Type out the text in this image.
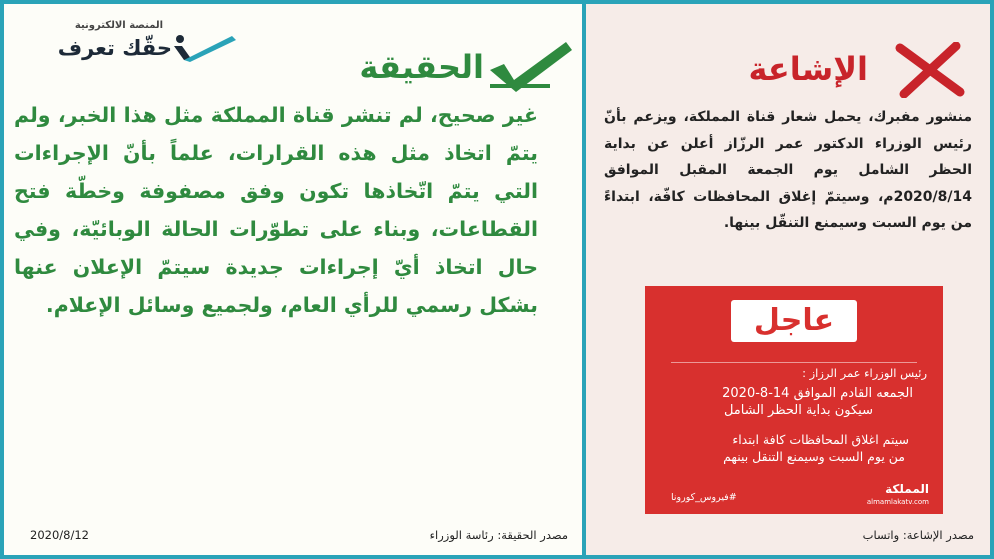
المنصة الالكترونية
حقّك تعرف	الحقيقة
غير صحيح، لم تنشر قناة المملكة مثل هذا الخبر، ولم يتمّ اتخاذ مثل هذه القرارات، علماً بأنّ الإجراءات التي يتمّ اتّخاذها تكون وفق مصفوفة وخطّة فتح القطاعات، وبناء على تطوّرات الحالة الوبائيّة، وفي حال اتخاذ أيّ إجراءات جديدة سيتمّ الإعلان عنها بشكل رسمي للرأي العام، ولجميع وسائل الإعلام.
الإشاعة
منشور مفبرك، يحمل شعار قناة المملكة، ويزعم بأنّ رئيس الوزراء الدكتور عمر الرزّاز أعلن عن بداية الحظر الشامل يوم الجمعة المقبل الموافق 2020/8/14م، وسيتمّ إغلاق المحافظات كافّة، ابتداءً من يوم السبت وسيمنع التنقّل بينها.
عاجل
رئيس الوزراء عمر الرزاز :
الجمعه القادم الموافق 14-8-2020
سيكون بداية الحظر الشامل
سيتم اغلاق المحافظات كافة ابتداء
من يوم السبت وسيمنع التنقل بينهم
#فيروس_كورونا
المملكة
almamlakatv.com
2020/8/12	مصدر الحقيقة: رئاسة الوزراء	مصدر الإشاعة: واتساب
